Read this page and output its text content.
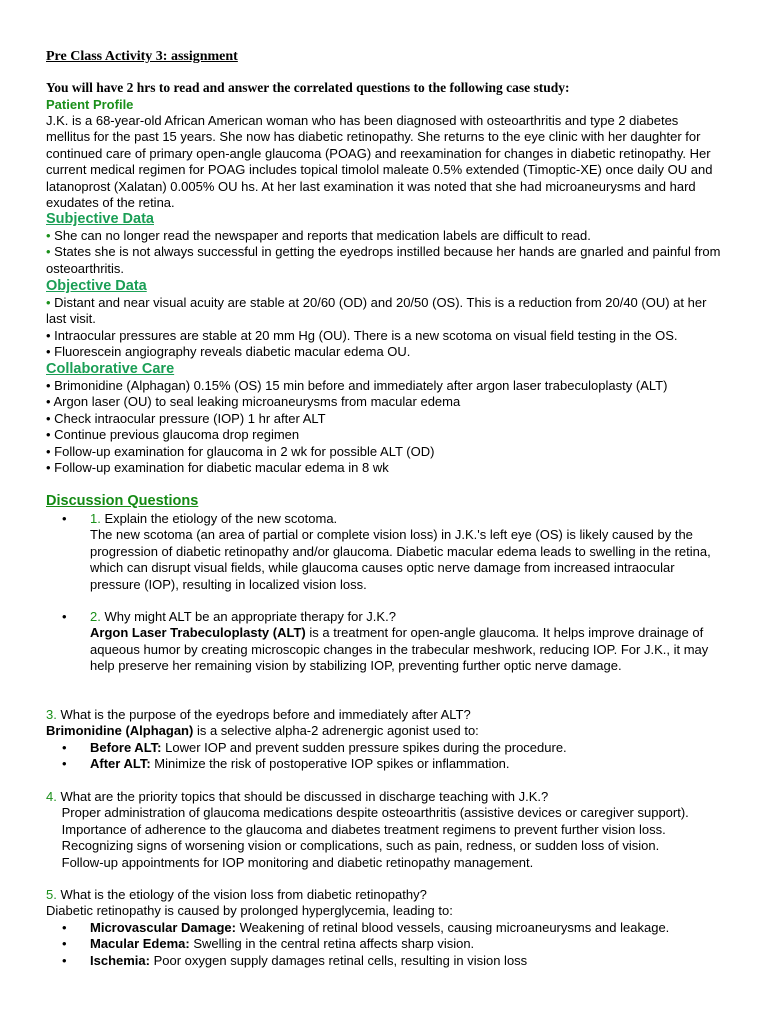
Pre Class Activity 3: assignment
You will have 2 hrs to read and answer the correlated questions to the following case study:
Patient Profile

J.K. is a 68-year-old African American woman who has been diagnosed with osteoarthritis and type 2 diabetes mellitus for the past 15 years. She now has diabetic retinopathy. She returns to the eye clinic with her daughter for continued care of primary open-angle glaucoma (POAG) and reexamination for changes in diabetic retinopathy. Her current medical regimen for POAG includes topical timolol maleate 0.5% extended (Timoptic-XE) once daily OU and latanoprost (Xalatan) 0.005% OU hs. At her last examination it was noted that she had microaneurysms and hard exudates of the retina.

Subjective Data

• She can no longer read the newspaper and reports that medication labels are difficult to read.

• States she is not always successful in getting the eyedrops instilled because her hands are gnarled and painful from osteoarthritis.

Objective Data

• Distant and near visual acuity are stable at 20/60 (OD) and 20/50 (OS). This is a reduction from 20/40 (OU) at her last visit.

• Intraocular pressures are stable at 20 mm Hg (OU). There is a new scotoma on visual field testing in the OS.

• Fluorescein angiography reveals diabetic macular edema OU.

Collaborative Care

• Brimonidine (Alphagan) 0.15% (OS) 15 min before and immediately after argon laser trabeculoplasty (ALT)

• Argon laser (OU) to seal leaking microaneurysms from macular edema

• Check intraocular pressure (IOP) 1 hr after ALT

• Continue previous glaucoma drop regimen

• Follow-up examination for glaucoma in 2 wk for possible ALT (OD)

• Follow-up examination for diabetic macular edema in 8 wk

Discussion Questions
• 1. Explain the etiology of the new scotoma.

The new scotoma (an area of partial or complete vision loss) in J.K.'s left eye (OS) is likely caused by the progression of diabetic retinopathy and/or glaucoma. Diabetic macular edema leads to swelling in the retina, which can disrupt visual fields, while glaucoma causes optic nerve damage from increased intraocular pressure (IOP), resulting in localized vision loss.

• 2. Why might ALT be an appropriate therapy for J.K.?

Argon Laser Trabeculoplasty (ALT) is a treatment for open-angle glaucoma. It helps improve drainage of aqueous humor by creating microscopic changes in the trabecular meshwork, reducing IOP. For J.K., it may help preserve her remaining vision by stabilizing IOP, preventing further optic nerve damage.

3. What is the purpose of the eyedrops before and immediately after ALT?

Brimonidine (Alphagan) is a selective alpha-2 adrenergic agonist used to:

• Before ALT: Lower IOP and prevent sudden pressure spikes during the procedure.
• After ALT: Minimize the risk of postoperative IOP spikes or inflammation.

4. What are the priority topics that should be discussed in discharge teaching with J.K.?

Proper administration of glaucoma medications despite osteoarthritis (assistive devices or caregiver support).

Importance of adherence to the glaucoma and diabetes treatment regimens to prevent further vision loss.

Recognizing signs of worsening vision or complications, such as pain, redness, or sudden loss of vision.

Follow-up appointments for IOP monitoring and diabetic retinopathy management.

5. What is the etiology of the vision loss from diabetic retinopathy?

Diabetic retinopathy is caused by prolonged hyperglycemia, leading to:

• Microvascular Damage: Weakening of retinal blood vessels, causing microaneurysms and leakage.
• Macular Edema: Swelling in the central retina affects sharp vision.
• Ischemia: Poor oxygen supply damages retinal cells, resulting in vision loss
